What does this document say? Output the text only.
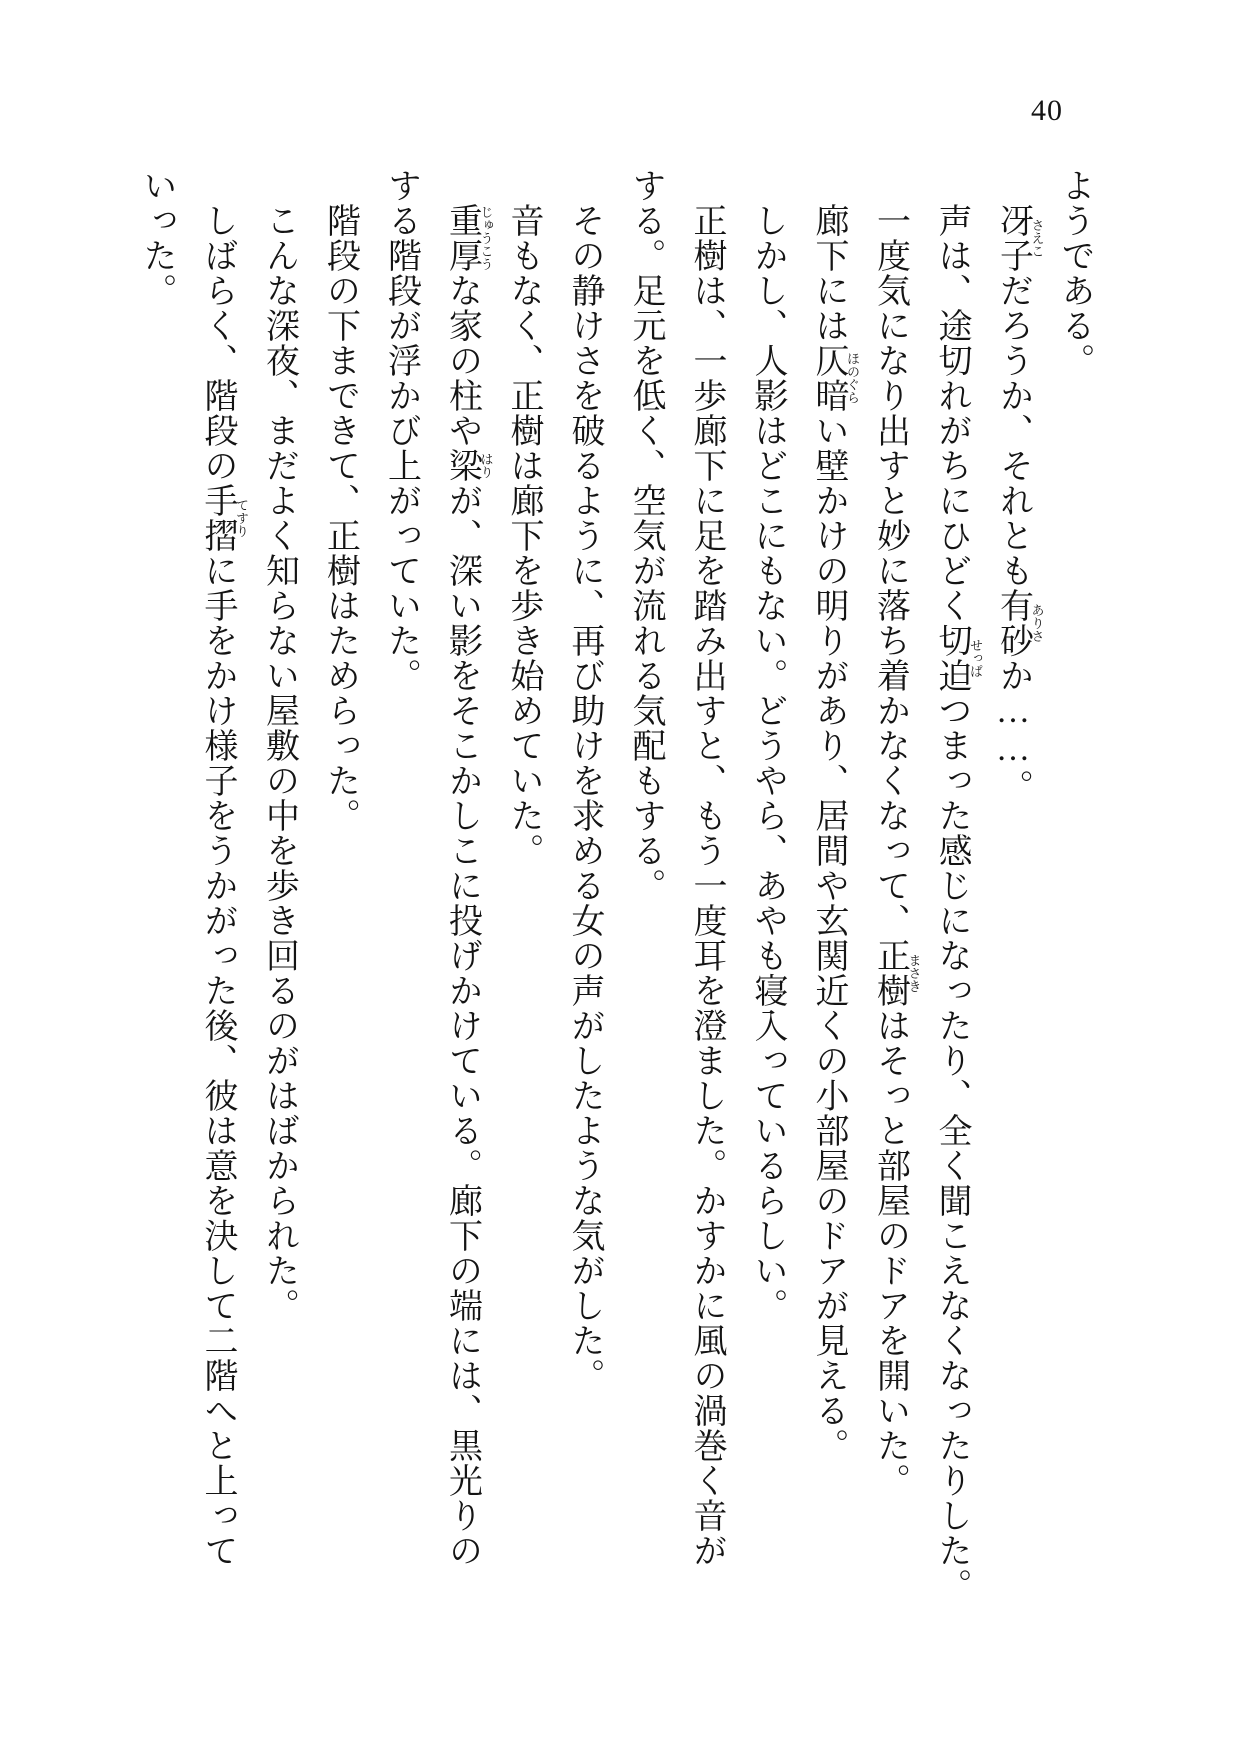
40
ようである。
冴子さえこだろうか、それとも有砂ありさか……。
声は、途切れがちにひどく切迫せっぱつまった感じになったり、全く聞こえなくなったりした。
一度気になり出すと妙に落ち着かなくなって、正樹まさきはそっと部屋のドアを開いた。
廊下には仄暗ほのぐらい壁かけの明りがあり、居間や玄関近くの小部屋のドアが見える。
しかし、人影はどこにもない。どうやら、あやも寝入っているらしい。
正樹は、一歩廊下に足を踏み出すと、もう一度耳を澄ました。かすかに風の渦巻く音が
する。足元を低く、空気が流れる気配もする。
その静けさを破るように、再び助けを求める女の声がしたような気がした。
音もなく、正樹は廊下を歩き始めていた。
重厚じゅうこうな家の柱や梁はりが、深い影をそこかしこに投げかけている。廊下の端には、黒光りの
する階段が浮かび上がっていた。
階段の下まできて、正樹はためらった。
こんな深夜、まだよく知らない屋敷の中を歩き回るのがはばかられた。
しばらく、階段の手摺てすりに手をかけ様子をうかがった後、彼は意を決して二階へと上って
いった。
